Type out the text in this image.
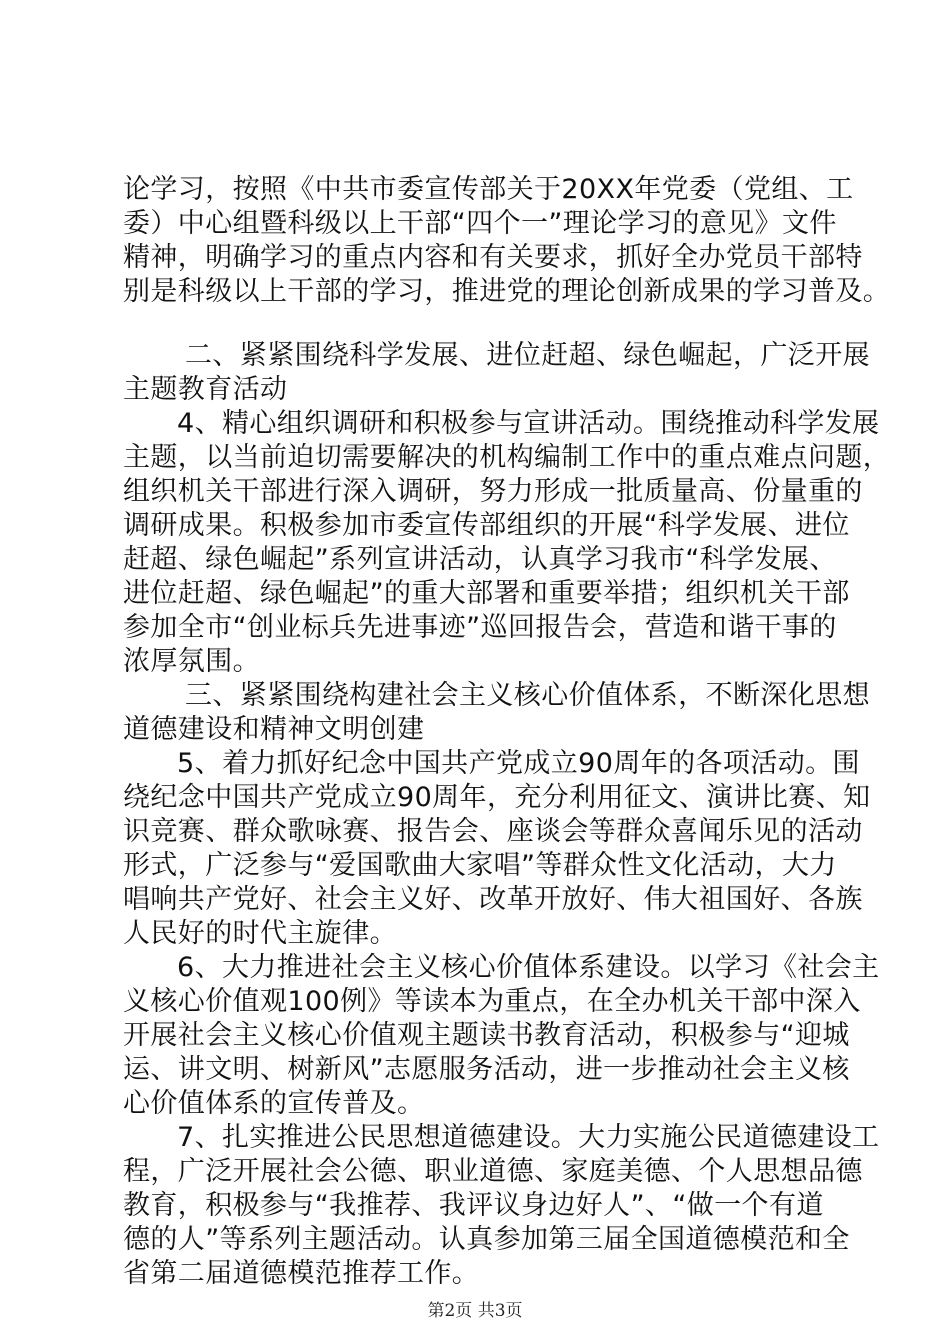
论学习，按照《中共市委宣传部关于20XX年党委（党组、工
委）中心组暨科级以上干部“四个一”理论学习的意见》文件
精神，明确学习的重点内容和有关要求，抓好全办党员干部特
别是科级以上干部的学习，推进党的理论创新成果的学习普及。
二、紧紧围绕科学发展、进位赶超、绿色崛起，广泛开展
主题教育活动
4、精心组织调研和积极参与宣讲活动。围绕推动科学发展
主题，以当前迫切需要解决的机构编制工作中的重点难点问题，
组织机关干部进行深入调研，努力形成一批质量高、份量重的
调研成果。积极参加市委宣传部组织的开展“科学发展、进位
赶超、绿色崛起”系列宣讲活动，认真学习我市“科学发展、
进位赶超、绿色崛起”的重大部署和重要举措；组织机关干部
参加全市“创业标兵先进事迹”巡回报告会，营造和谐干事的
浓厚氛围。
三、紧紧围绕构建社会主义核心价值体系，不断深化思想
道德建设和精神文明创建
5、着力抓好纪念中国共产党成立90周年的各项活动。围
绕纪念中国共产党成立90周年，充分利用征文、演讲比赛、知
识竞赛、群众歌咏赛、报告会、座谈会等群众喜闻乐见的活动
形式，广泛参与“爱国歌曲大家唱”等群众性文化活动，大力
唱响共产党好、社会主义好、改革开放好、伟大祖国好、各族
人民好的时代主旋律。
6、大力推进社会主义核心价值体系建设。以学习《社会主
义核心价值观100例》等读本为重点，在全办机关干部中深入
开展社会主义核心价值观主题读书教育活动，积极参与“迎城
运、讲文明、树新风”志愿服务活动，进一步推动社会主义核
心价值体系的宣传普及。
7、扎实推进公民思想道德建设。大力实施公民道德建设工
程，广泛开展社会公德、职业道德、家庭美德、个人思想品德
教育，积极参与“我推荐、我评议身边好人”、“做一个有道
德的人”等系列主题活动。认真参加第三届全国道德模范和全
省第二届道德模范推荐工作。
第2页 共3页
